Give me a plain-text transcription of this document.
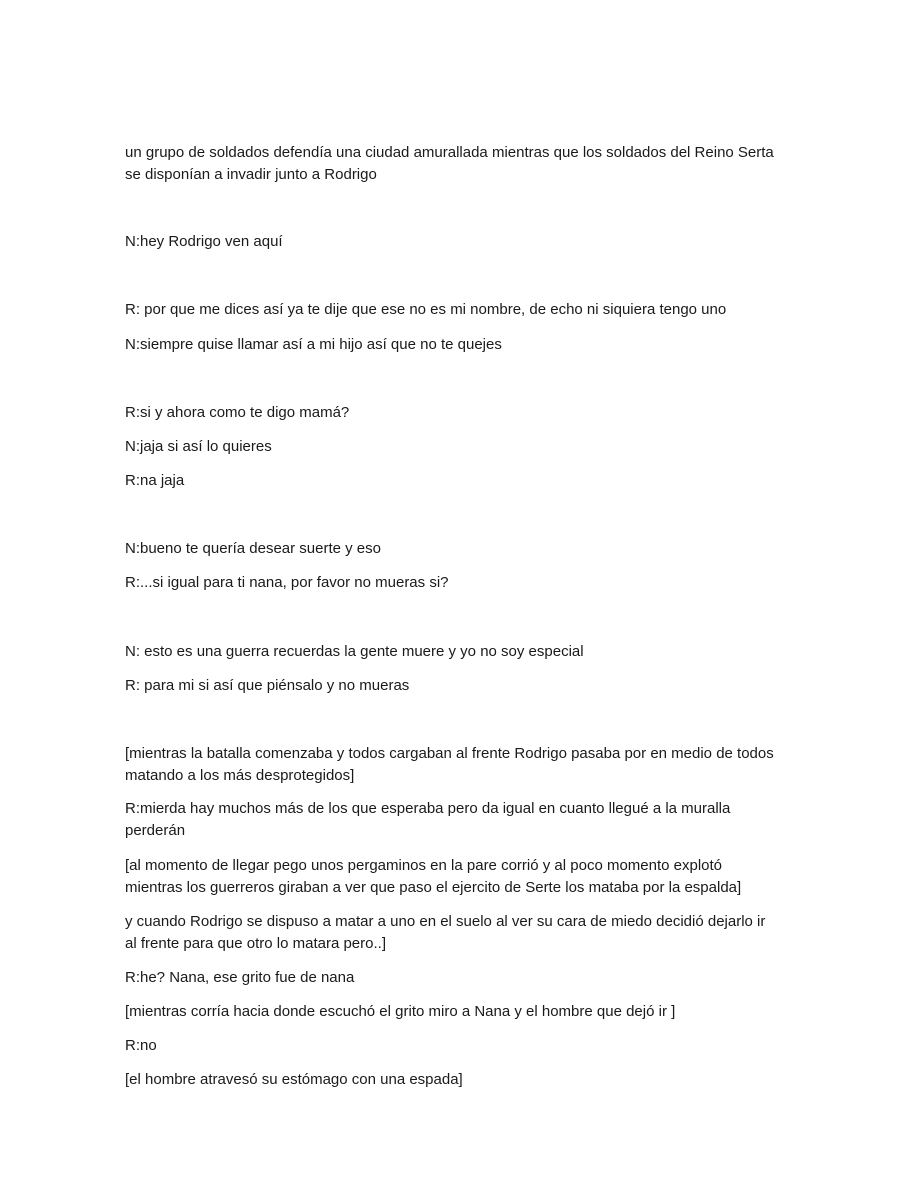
un grupo de soldados defendía una ciudad amurallada mientras que los soldados del Reino Serta se disponían a invadir junto a Rodrigo

N:hey Rodrigo ven aquí

R: por que me dices así ya te dije que ese no es mi nombre, de echo ni siquiera tengo uno

N:siempre quise llamar así a mi hijo así que no te quejes

R:si y ahora como te digo mamá?

N:jaja si así lo quieres

R:na jaja

N:bueno te quería desear suerte y eso

R:...si igual para ti nana, por favor no mueras si?

N: esto es una guerra recuerdas la gente muere y yo no soy especial

R: para mi si así que piénsalo y no mueras

[mientras la batalla comenzaba y todos cargaban al frente Rodrigo pasaba por en medio de todos matando a los más desprotegidos]

R:mierda hay muchos más de los que esperaba pero da igual en cuanto llegué a la muralla perderán

[al momento de llegar pego unos pergaminos en la pare corrió y al poco momento explotó mientras los guerreros giraban a ver que paso el ejercito de Serte los mataba por la espalda]

y cuando Rodrigo se dispuso a matar a uno en el suelo al ver su cara de miedo decidió dejarlo ir al frente para que otro lo matara pero..]

R:he? Nana, ese grito fue de nana

[mientras corría hacia donde escuchó el grito miro a Nana y el hombre que dejó ir ]

R:no

[el hombre atravesó su estómago con una espada]
